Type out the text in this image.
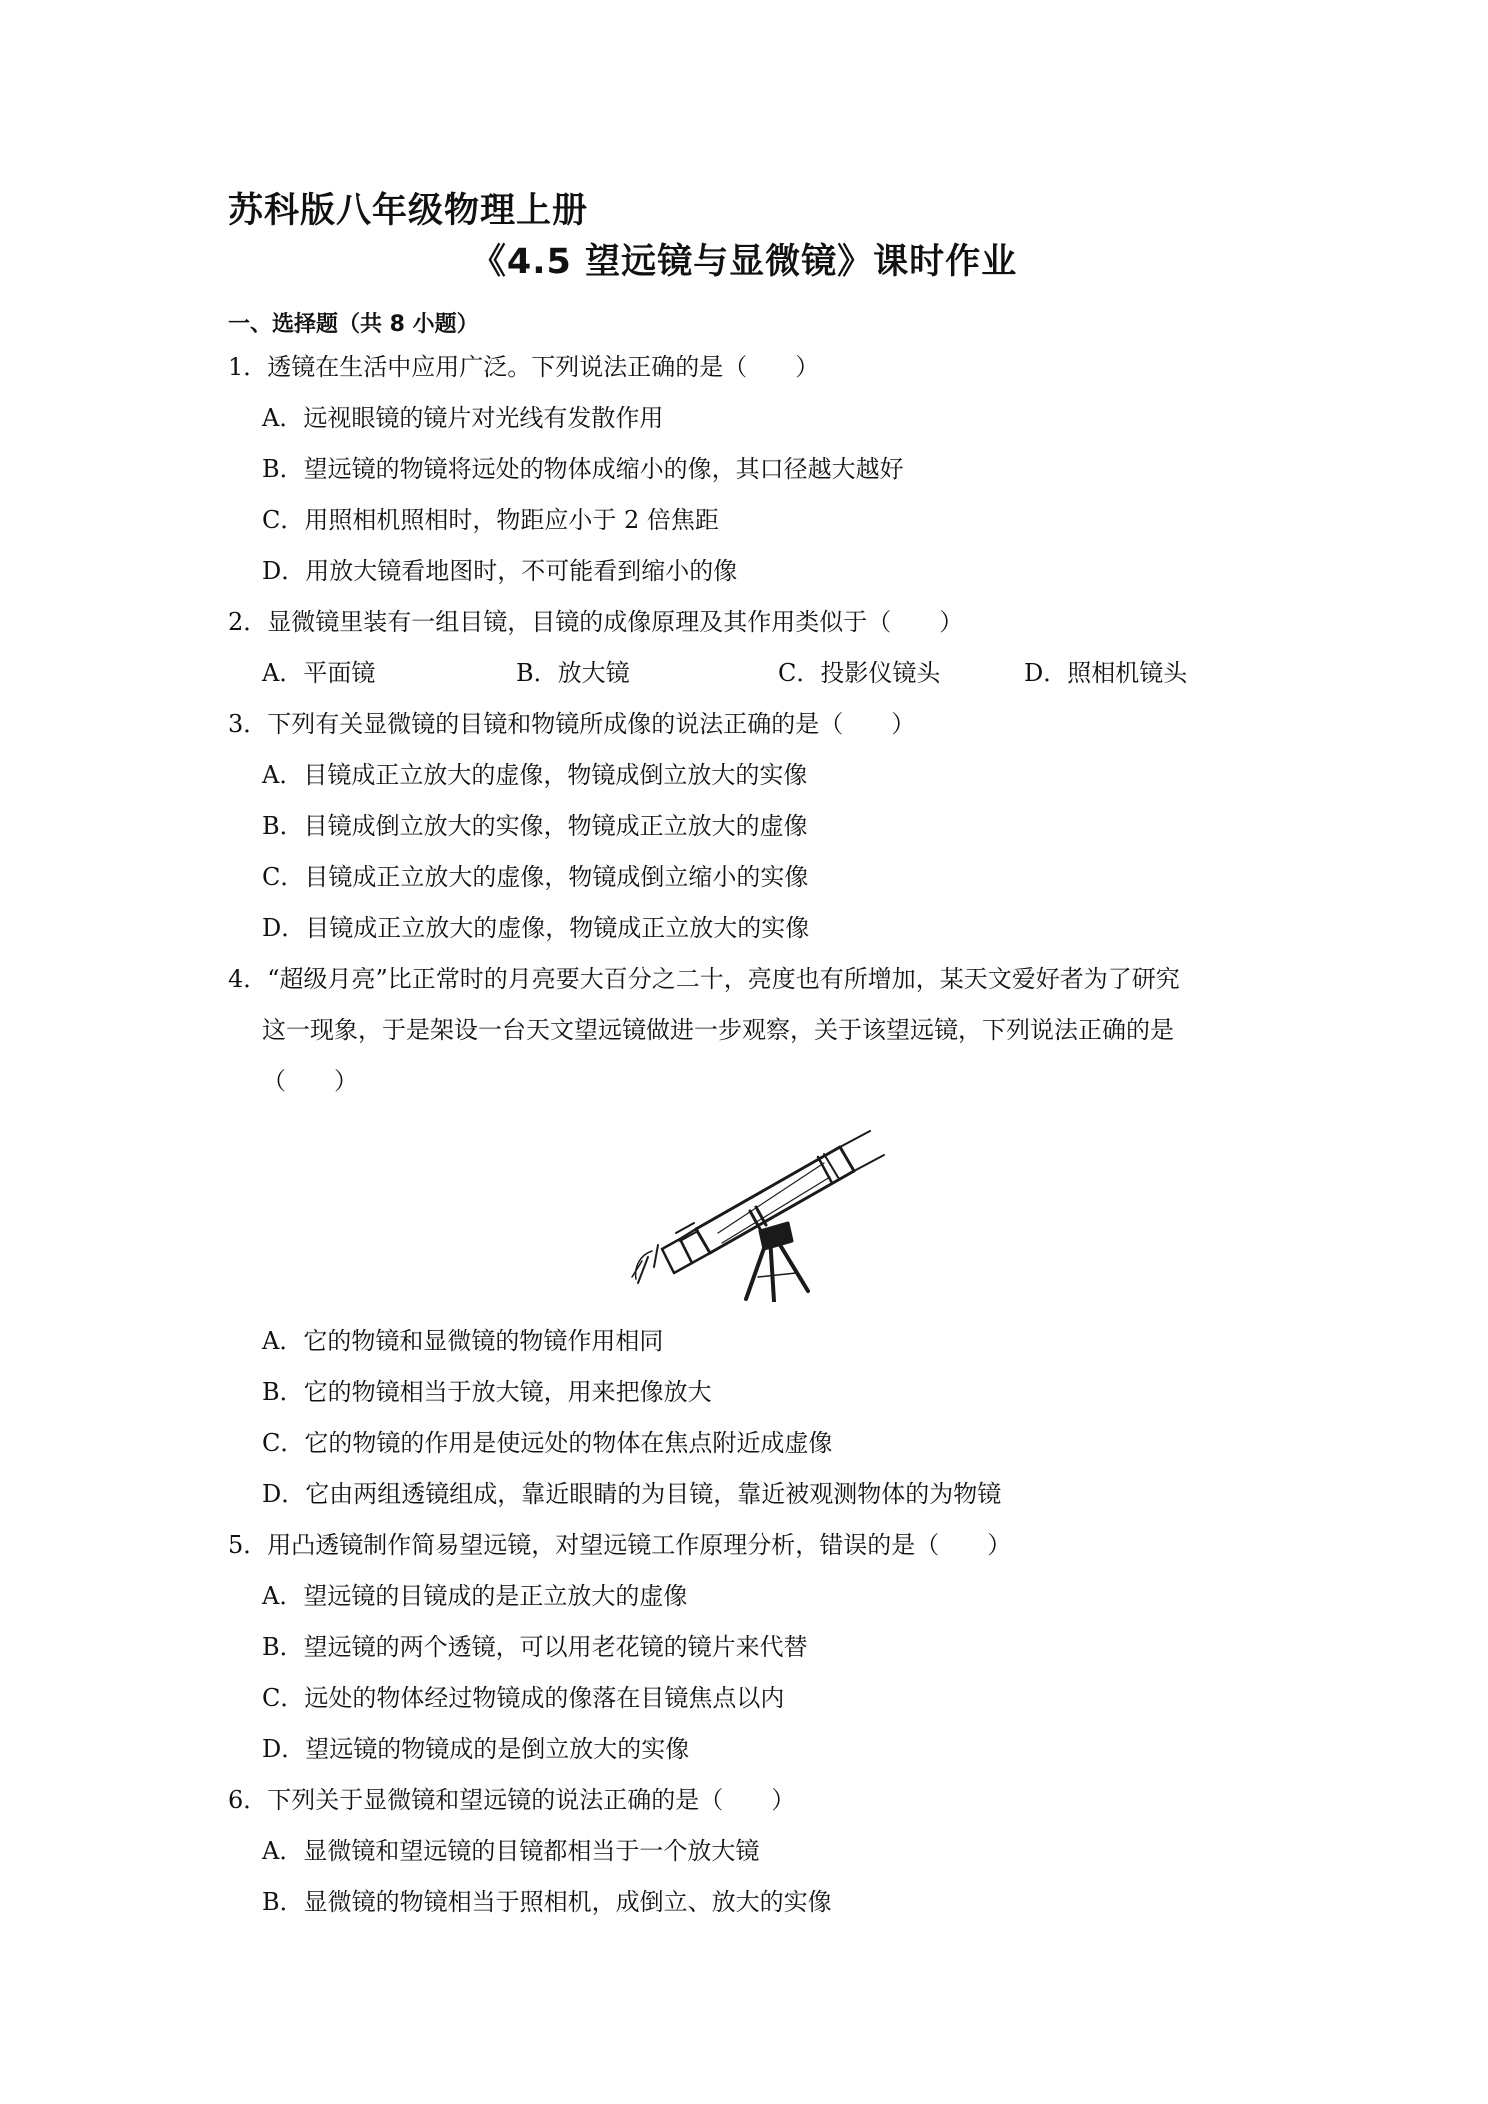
苏科版八年级物理上册
《4.5 望远镜与显微镜》课时作业
一、选择题（共 8 小题）
1．透镜在生活中应用广泛。下列说法正确的是（　　）
A．远视眼镜的镜片对光线有发散作用
B．望远镜的物镜将远处的物体成缩小的像，其口径越大越好
C．用照相机照相时，物距应小于 2 倍焦距
D．用放大镜看地图时，不可能看到缩小的像
2．显微镜里装有一组目镜，目镜的成像原理及其作用类似于（　　）
A．平面镜	B．放大镜	C．投影仪镜头	D．照相机镜头
3．下列有关显微镜的目镜和物镜所成像的说法正确的是（　　）
A．目镜成正立放大的虚像，物镜成倒立放大的实像
B．目镜成倒立放大的实像，物镜成正立放大的虚像
C．目镜成正立放大的虚像，物镜成倒立缩小的实像
D．目镜成正立放大的虚像，物镜成正立放大的实像
4．“超级月亮”比正常时的月亮要大百分之二十，亮度也有所增加，某天文爱好者为了研究
这一现象，于是架设一台天文望远镜做进一步观察，关于该望远镜，下列说法正确的是
（　　）
A．它的物镜和显微镜的物镜作用相同
B．它的物镜相当于放大镜，用来把像放大
C．它的物镜的作用是使远处的物体在焦点附近成虚像
D．它由两组透镜组成，靠近眼睛的为目镜，靠近被观测物体的为物镜
5．用凸透镜制作简易望远镜，对望远镜工作原理分析，错误的是（　　）
A．望远镜的目镜成的是正立放大的虚像
B．望远镜的两个透镜，可以用老花镜的镜片来代替
C．远处的物体经过物镜成的像落在目镜焦点以内
D．望远镜的物镜成的是倒立放大的实像
6．下列关于显微镜和望远镜的说法正确的是（　　）
A．显微镜和望远镜的目镜都相当于一个放大镜
B．显微镜的物镜相当于照相机，成倒立、放大的实像
